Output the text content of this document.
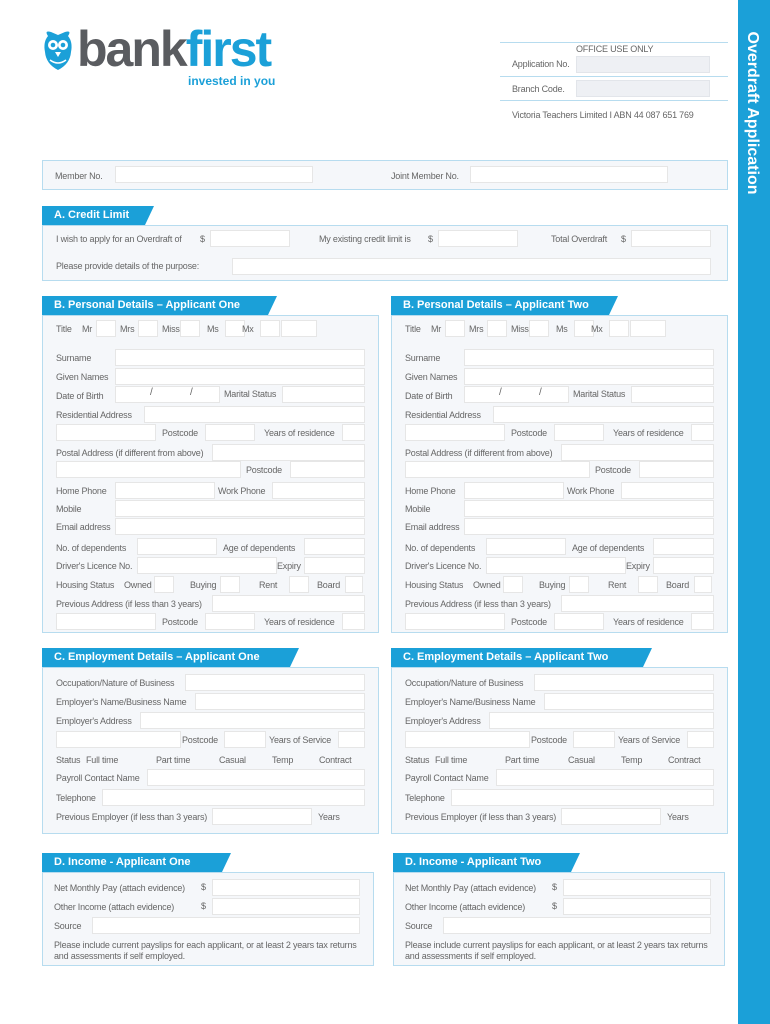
bankfirst
invested in you
OFFICE USE ONLY
Application No.
Branch Code.
Victoria Teachers Limited I ABN 44 087 651 769	Overdraft Application
Member No.	Joint Member No.
A. Credit Limit
I wish to apply for an Overdraft of $	My existing credit limit is $	Total Overdraft $
Please provide details of the purpose:
B. Personal Details – Applicant One
Title Mr	Mrs	Miss	Ms	Mx
Surname
Given Names
Date of Birth	/	/	Marital Status
Residential Address
Postcode	Years of residence
Postal Address (if different from above)
Postcode
Home Phone	Work Phone
Mobile
Email address
No. of dependents	Age of dependents
Driver's Licence No.	Expiry
Housing Status Owned	Buying	Rent	Board
Previous Address (if less than 3 years)
Postcode	Years of residence
B. Personal Details – Applicant Two
Title Mr	Mrs	Miss	Ms	Mx
Surname
Given Names
Date of Birth	/	/	Marital Status
Residential Address
Postcode	Years of residence
Postal Address (if different from above)
Postcode
Home Phone	Work Phone
Mobile
Email address
No. of dependents	Age of dependents
Driver's Licence No.	Expiry
Housing Status Owned	Buying	Rent	Board
Previous Address (if less than 3 years)
Postcode	Years of residence
C. Employment Details – Applicant One
Occupation/Nature of Business
Employer's Name/Business Name
Employer's Address
Postcode	Years of Service
Status Full time	Part time	Casual	Temp	Contract
Payroll Contact Name
Telephone
Previous Employer (if less than 3 years)	Years
C. Employment Details – Applicant Two
Occupation/Nature of Business
Employer's Name/Business Name
Employer's Address
Postcode	Years of Service
Status Full time	Part time	Casual	Temp	Contract
Payroll Contact Name
Telephone
Previous Employer (if less than 3 years)	Years
D. Income - Applicant One
Net Monthly Pay (attach evidence) $
Other Income (attach evidence)	$
Source
Please include current payslips for each applicant, or at least 2 years tax returns and assessments if self employed.
D. Income - Applicant Two
Net Monthly Pay (attach evidence) $
Other Income (attach evidence)	$
Source
Please include current payslips for each applicant, or at least 2 years tax returns and assessments if self employed.
